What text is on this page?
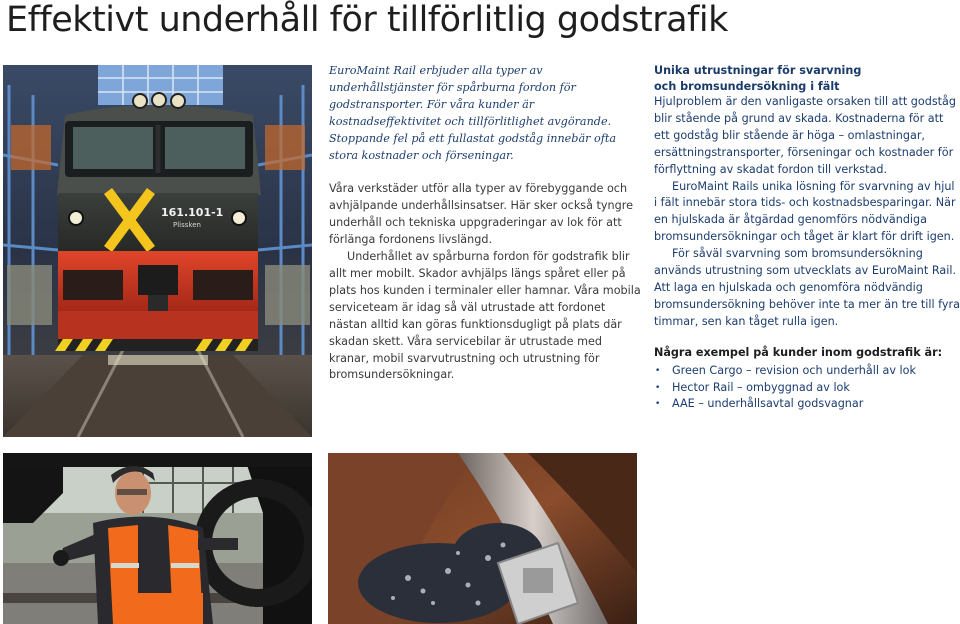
Effektivt underhåll för tillförlitlig godstrafik
161.101-1
Plissken

EuroMaint Rail erbjuder alla typer av underhållstjänster för spårburna fordon för godstransporter. För våra kunder är kostnadseffektivitet och tillförlitlighet avgörande. Stoppande fel på ett fullastat godståg innebär ofta stora kostnader och förseningar.

Våra verkstäder utför alla typer av förebyggande och avhjälpande underhållsinsatser. Här sker också tyngre underhåll och tekniska uppgraderingar av lok för att förlänga fordonens livslängd.

Underhållet av spårburna fordon för godstrafik blir allt mer mobilt. Skador avhjälps längs spåret eller på plats hos kunden i terminaler eller hamnar. Våra mobila serviceteam är idag så väl utrustade att fordonet nästan alltid kan göras funktionsdugligt på plats där skadan skett. Våra servicebilar är utrustade med kranar, mobil svarvutrustning och utrustning för bromsundersökningar.

Unika utrustningar för svarvning
och bromsundersökning i fält

Hjulproblem är den vanligaste orsaken till att godståg blir stående på grund av skada. Kostnaderna för att ett godståg blir stående är höga – omlastningar, ersättningstransporter, förseningar och kostnader för förflyttning av skadat fordon till verkstad.

EuroMaint Rails unika lösning för svarvning av hjul i fält innebär stora tids- och kostnadsbesparingar. När en hjulskada är åtgärdad genomförs nödvändiga bromsundersökningar och tåget är klart för drift igen.

För såväl svarvning som bromsundersökning används utrustning som utvecklats av EuroMaint Rail. Att laga en hjulskada och genomföra nödvändig bromsundersökning behöver inte ta mer än tre till fyra timmar, sen kan tåget rulla igen.

Några exempel på kunder inom godstrafik är:

• Green Cargo – revision och underhåll av lok
• Hector Rail – ombyggnad av lok
• AAE – underhållsavtal godsvagnar
